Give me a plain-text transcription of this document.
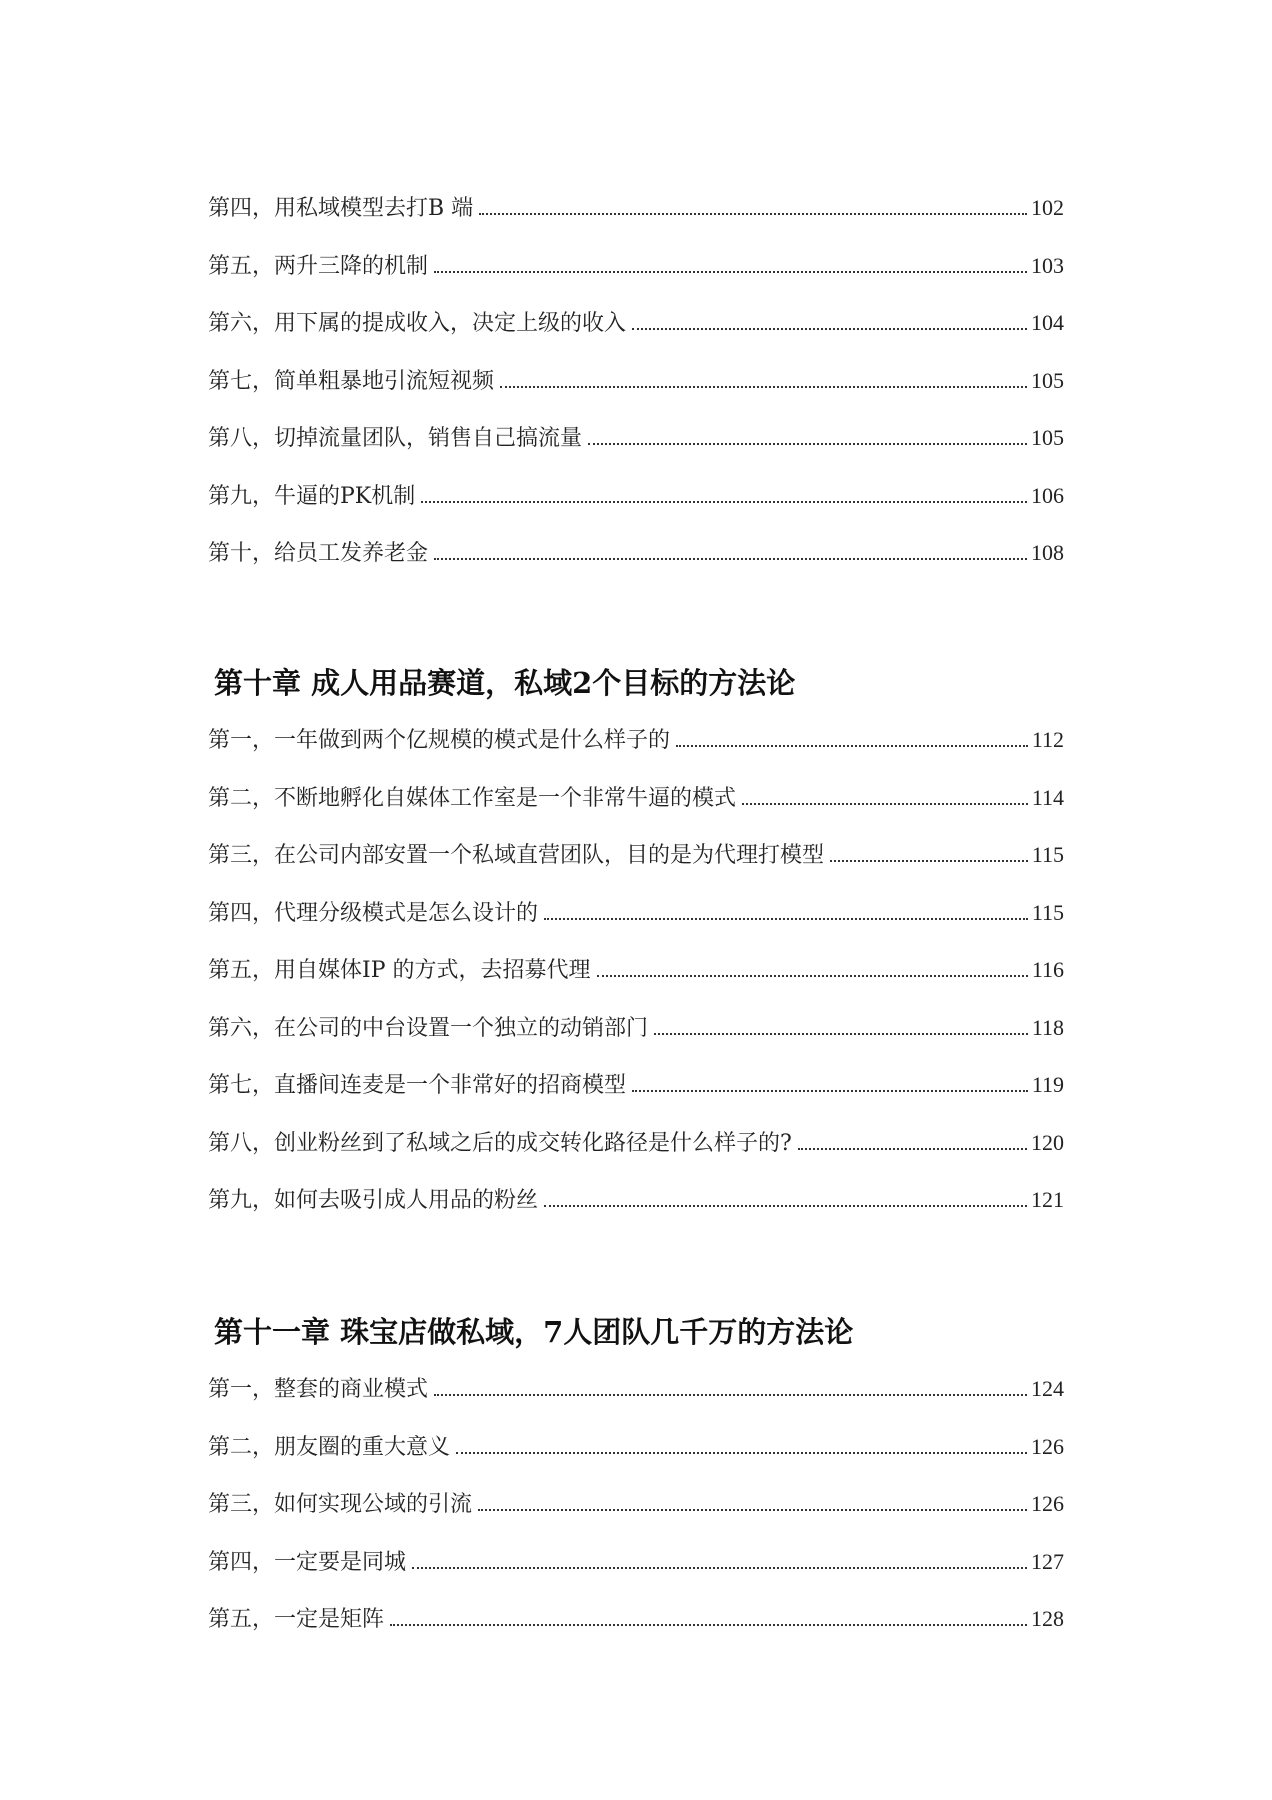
第四，用私域模型去打B 端	102
第五，两升三降的机制	103
第六，用下属的提成收入，决定上级的收入	104
第七，简单粗暴地引流短视频	105
第八，切掉流量团队，销售自己搞流量	105
第九，牛逼的PK机制	106
第十，给员工发养老金	108
第十章 成人用品赛道，私域2个目标的方法论
第一，一年做到两个亿规模的模式是什么样子的	112
第二，不断地孵化自媒体工作室是一个非常牛逼的模式	114
第三，在公司内部安置一个私域直营团队，目的是为代理打模型	115
第四，代理分级模式是怎么设计的	115
第五，用自媒体IP 的方式，去招募代理	116
第六，在公司的中台设置一个独立的动销部门	118
第七，直播间连麦是一个非常好的招商模型	119
第八，创业粉丝到了私域之后的成交转化路径是什么样子的?	120
第九，如何去吸引成人用品的粉丝	121
第十一章 珠宝店做私域，7人团队几千万的方法论
第一，整套的商业模式	124
第二，朋友圈的重大意义	126
第三，如何实现公域的引流	126
第四，一定要是同城	127
第五，一定是矩阵	128
